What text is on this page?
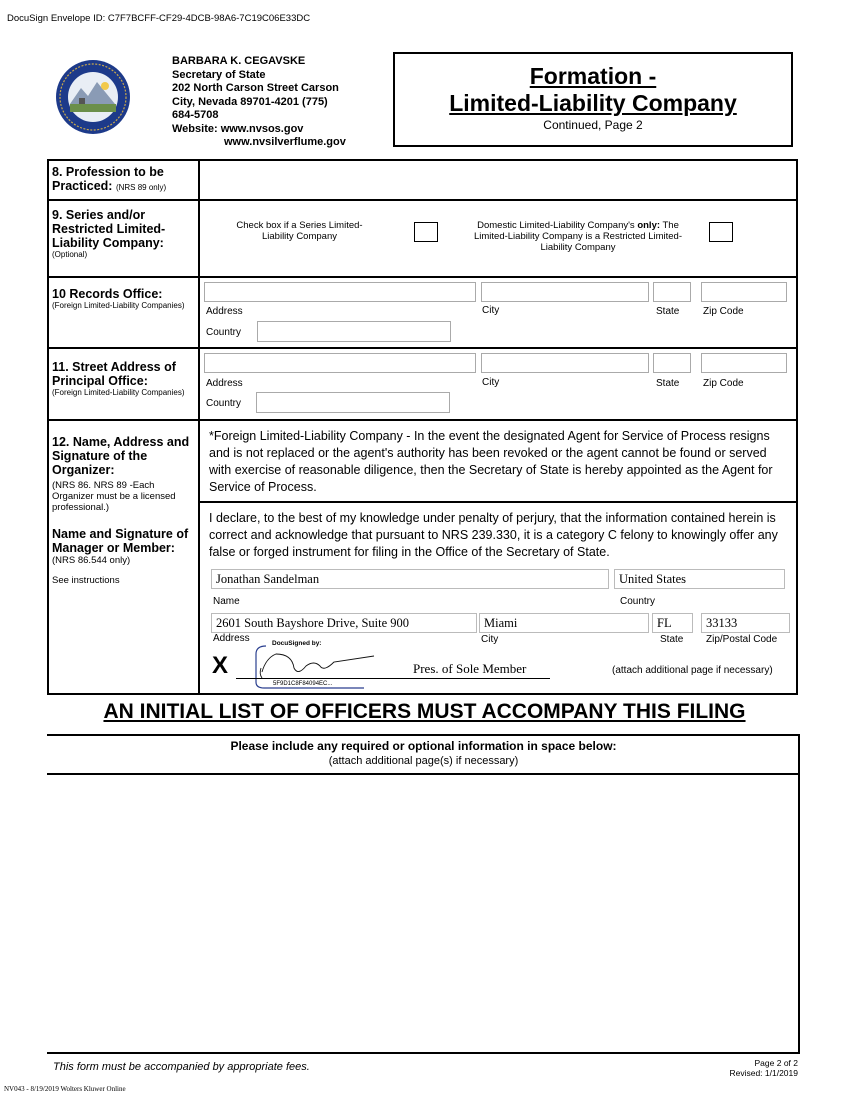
DocuSign Envelope ID: C7F7BCFF-CF29-4DCB-98A6-7C19C06E33DC
BARBARA K. CEGAVSKE
Secretary of State
202 North Carson Street Carson
City, Nevada 89701-4201 (775)
684-5708
Website: www.nvsos.gov
www.nvsilverflume.gov
Formation -
Limited-Liability Company
Continued, Page 2
8. Profession to be Practiced: (NRS 89 only)
9. Series and/or Restricted Limited-Liability Company:
(Optional)
Check box if a Series Limited-Liability Company
Domestic Limited-Liability Company's only: The Limited-Liability Company is a Restricted Limited-Liability Company
10 Records Office:
(Foreign Limited-Liability Companies)
Address	City	State Zip Code
Country
11. Street Address of Principal Office:
(Foreign Limited-Liability Companies)
Address	City	State Zip Code
Country
12. Name, Address and Signature of the Organizer:
(NRS 86. NRS 89 -Each Organizer must be a licensed professional.)
Name and Signature of Manager or Member:
(NRS 86.544 only)
See instructions
*Foreign Limited-Liability Company - In the event the designated Agent for Service of Process resigns and is not replaced or the agent's authority has been revoked or the agent cannot be found or served with exercise of reasonable diligence, then the Secretary of State is hereby appointed as the Agent for Service of Process.
I declare, to the best of my knowledge under penalty of perjury, that the information contained herein is correct and acknowledge that pursuant to NRS 239.330, it is a category C felony to knowingly offer any false or forged instrument for filing in the Office of the Secretary of State.
Jonathan Sandelman	United States
Name	Country
2601 South Bayshore Drive, Suite 900	Miami	FL	33133
Address	City	State Zip/Postal Code
X
DocuSigned by:
5F9D1C8F84094EC...
Pres. of Sole Member	(attach additional page if necessary)
AN INITIAL LIST OF OFFICERS MUST ACCOMPANY THIS FILING
Please include any required or optional information in space below:
(attach additional page(s) if necessary)
This form must be accompanied by appropriate fees.	Page 2 of 2
Revised: 1/1/2019
NV043 - 8/19/2019 Wolters Kluwer Online
